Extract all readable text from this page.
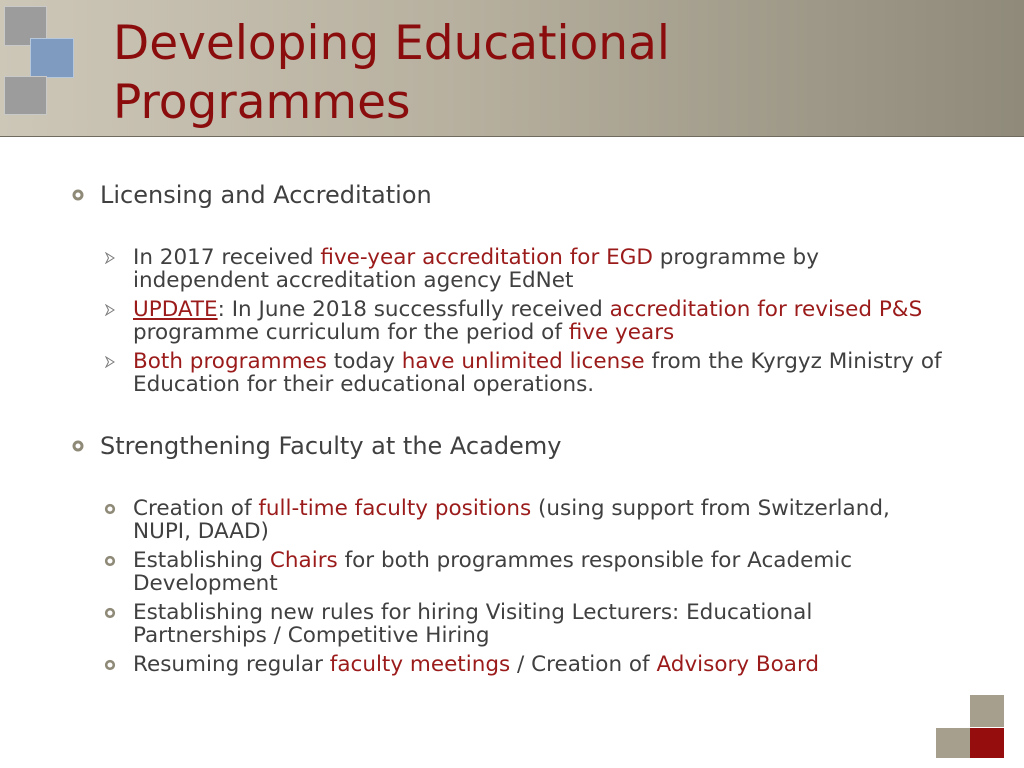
Developing Educational
Programmes
Licensing and Accreditation
In 2017 received five-year accreditation for EGD programme by independent accreditation agency EdNet
UPDATE: In June 2018 successfully received accreditation for revised P&S programme curriculum for the period of five years
Both programmes today have unlimited license from the Kyrgyz Ministry of Education for their educational operations.
Strengthening Faculty at the Academy
Creation of full-time faculty positions (using support from Switzerland, NUPI, DAAD)
Establishing Chairs for both programmes responsible for Academic Development
Establishing new rules for hiring Visiting Lecturers: Educational Partnerships / Competitive Hiring
Resuming regular faculty meetings / Creation of Advisory Board
